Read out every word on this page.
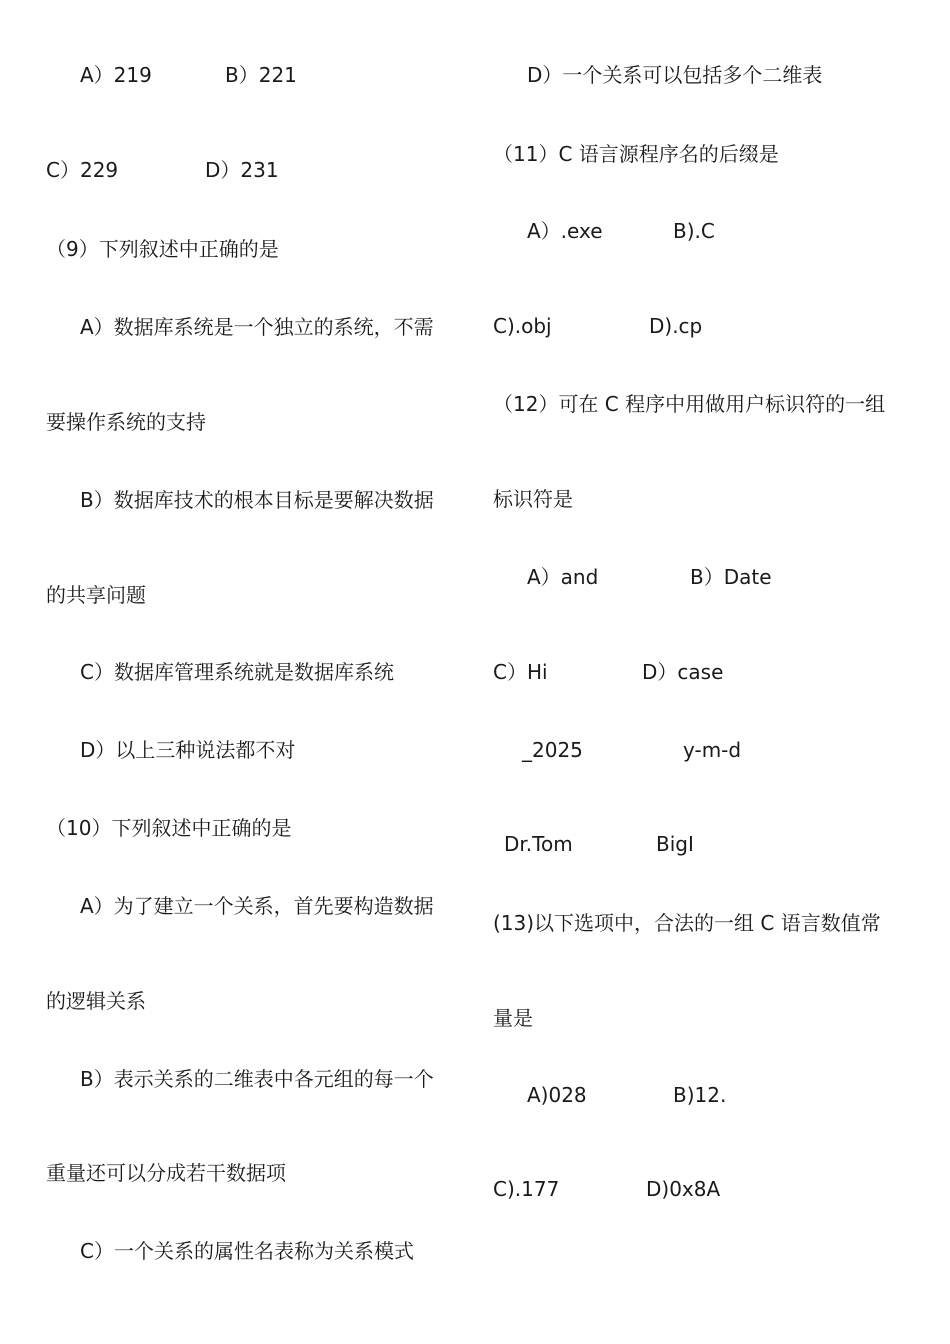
A）219	B）221
C）229	D）231
（9）下列叙述中正确的是
A）数据库系统是一个独立的系统，不需
要操作系统的支持
B）数据库技术的根本目标是要解决数据
的共享问题
C）数据库管理系统就是数据库系统
D）以上三种说法都不对
（10）下列叙述中正确的是
A）为了建立一个关系，首先要构造数据
的逻辑关系
B）表示关系的二维表中各元组的每一个
重量还可以分成若干数据项
C）一个关系的属性名表称为关系模式
D）一个关系可以包括多个二维表
（11）C 语言源程序名的后缀是
A）.exe	B).C
C).obj	D).cp
（12）可在 C 程序中用做用户标识符的一组
标识符是
A）and	B）Date
C）Hi	D）case
_2025	y-m-d
Dr.Tom	BigI
(13)以下选项中，合法的一组 C 语言数值常
量是
A)028	B)12.
C).177	D)0x8A
